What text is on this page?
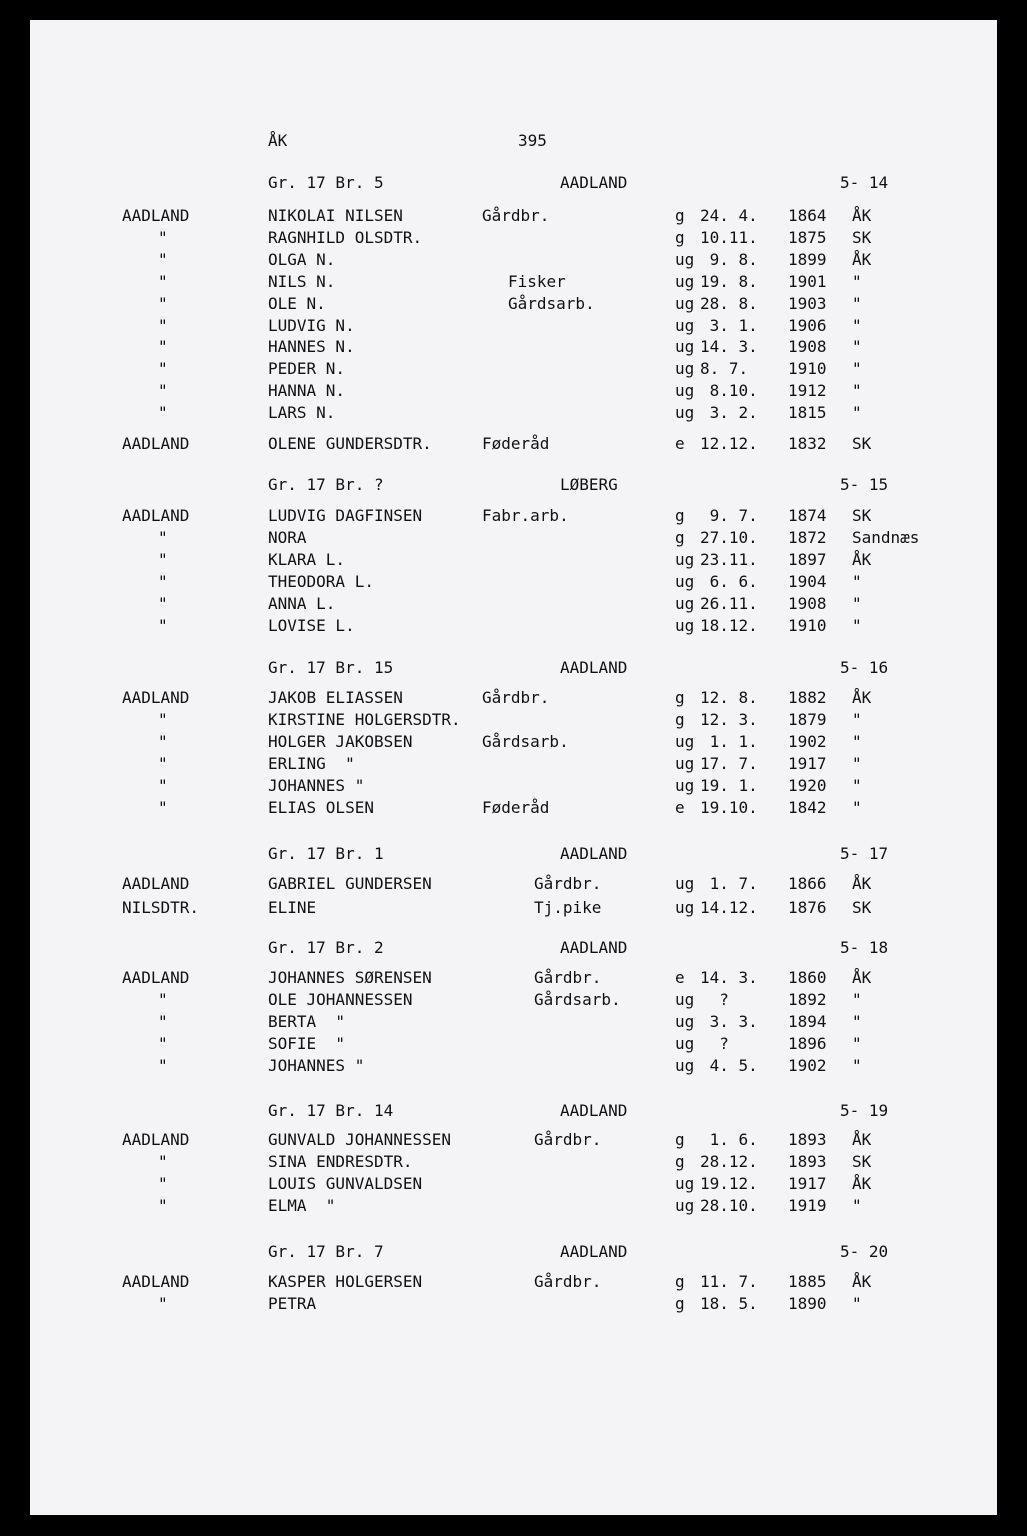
ÅK	395
Gr. 17 Br. 5	AADLAND	5- 14
AADLAND	NIKOLAI NILSEN	Gårdbr.	g 24. 4. 1864 ÅK
"	RAGNHILD OLSDTR.	g 10.11. 1875 SK
"	OLGA N.	ug 9. 8. 1899 ÅK
"	NILS N.	Fisker	ug 19. 8. 1901 "
"	OLE N.	Gårdsarb.	ug 28. 8. 1903 "
"	LUDVIG N.	ug 3. 1. 1906 "
"	HANNES N.	ug 14. 3. 1908 "
"	PEDER N.	ug 8. 7. 1910 "
"	HANNA N.	ug 8.10. 1912 "
"	LARS N.	ug 3. 2. 1815 "
AADLAND	OLENE GUNDERSDTR.	Føderåd	e 12.12. 1832 SK
Gr. 17 Br. ?	LØBERG	5- 15
AADLAND	LUDVIG DAGFINSEN	Fabr.arb.	g 9. 7. 1874 SK
"	NORA	g 27.10. 1872 Sandnæs
"	KLARA L.	ug 23.11. 1897 ÅK
"	THEODORA L.	ug 6. 6. 1904 "
"	ANNA L.	ug 26.11. 1908 "
"	LOVISE L.	ug 18.12. 1910 "
Gr. 17 Br. 15	AADLAND	5- 16
AADLAND	JAKOB ELIASSEN	Gårdbr.	g 12. 8. 1882 ÅK
"	KIRSTINE HOLGERSDTR.	g 12. 3. 1879 "
"	HOLGER JAKOBSEN	Gårdsarb.	ug 1. 1. 1902 "
"	ERLING  "	ug 17. 7. 1917 "
"	JOHANNES "	ug 19. 1. 1920 "
"	ELIAS OLSEN	Føderåd	e 19.10. 1842 "
Gr. 17 Br. 1	AADLAND	5- 17
AADLAND	GABRIEL GUNDERSEN	Gårdbr.	ug 1. 7. 1866 ÅK
NILSDTR.	ELINE	Tj.pike	ug 14.12. 1876 SK
Gr. 17 Br. 2	AADLAND	5- 18
AADLAND	JOHANNES SØRENSEN	Gårdbr.	e 14. 3. 1860 ÅK
"	OLE JOHANNESSEN	Gårdsarb.	ug ?	1892 "
"	BERTA  "	ug 3. 3. 1894 "
"	SOFIE  "	ug ?	1896 "
"	JOHANNES "	ug 4. 5. 1902 "
Gr. 17 Br. 14	AADLAND	5- 19
AADLAND	GUNVALD JOHANNESSEN	Gårdbr.	g 1. 6. 1893 ÅK
"	SINA ENDRESDTR.	g 28.12. 1893 SK
"	LOUIS GUNVALDSEN	ug 19.12. 1917 ÅK
"	ELMA  "	ug 28.10. 1919 "
Gr. 17 Br. 7	AADLAND	5- 20
AADLAND	KASPER HOLGERSEN	Gårdbr.	g 11. 7. 1885 ÅK
"	PETRA	g 18. 5. 1890 "
